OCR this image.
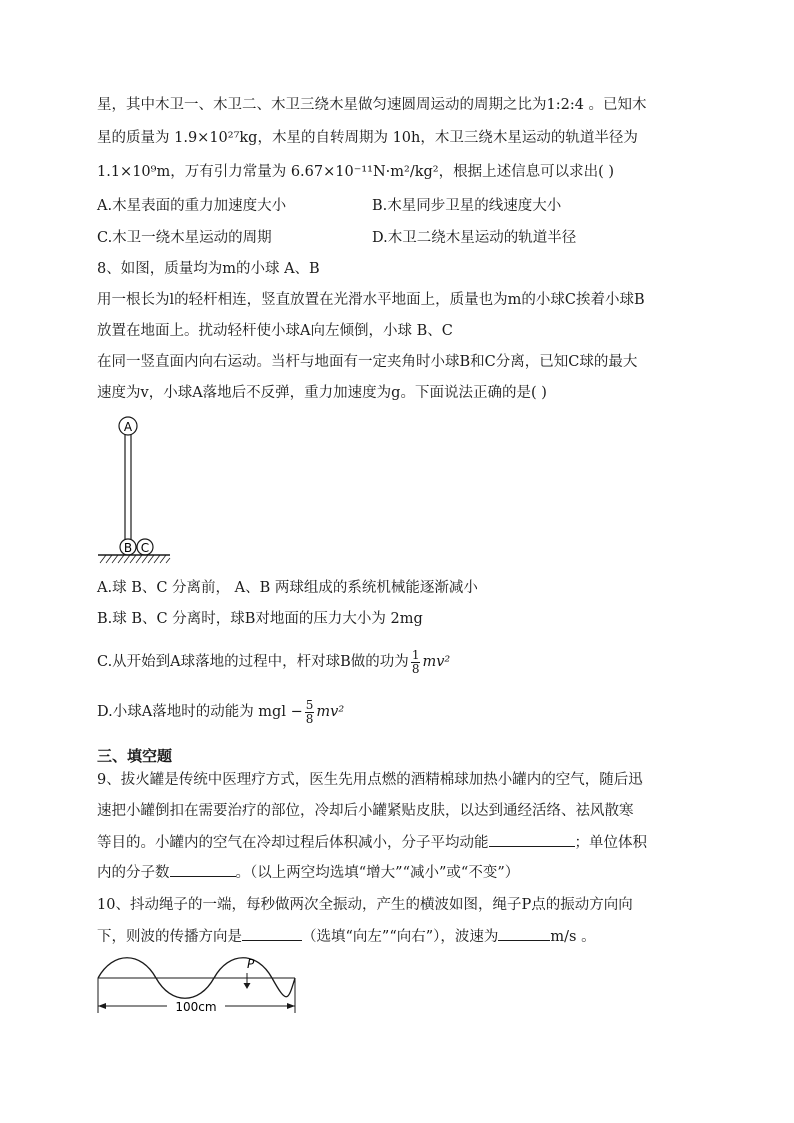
星，其中木卫一、木卫二、木卫三绕木星做匀速圆周运动的周期之比为1:2:4 。已知木
星的质量为 1.9×10²⁷kg，木星的自转周期为 10h，木卫三绕木星运动的轨道半径为
1.1×10⁹m，万有引力常量为 6.67×10⁻¹¹N·m²/kg²，根据上述信息可以求出( )
A.木星表面的重力加速度大小	B.木星同步卫星的线速度大小
C.木卫一绕木星运动的周期	D.木卫二绕木星运动的轨道半径
8、如图，质量均为m的小球 A、B
用一根长为l的轻杆相连，竖直放置在光滑水平地面上，质量也为m的小球C挨着小球B
放置在地面上。扰动轻杆使小球A向左倾倒，小球 B、C
在同一竖直面内向右运动。当杆与地面有一定夹角时小球B和C分离，已知C球的最大
速度为v，小球A落地后不反弹，重力加速度为g。下面说法正确的是( )
A
B C
A.球 B、C 分离前， A、B 两球组成的系统机械能逐渐减小
B.球 B、C 分离时，球B对地面的压力大小为 2mg
C.从开始到A球落地的过程中，杆对球B做的功为 $\frac{1}{8} mv^2$
D.小球A落地时的动能为 mgl − $\frac{5}{8} mv^2$
三、填空题
9、拔火罐是传统中医理疗方式，医生先用点燃的酒精棉球加热小罐内的空气，随后迅
速把小罐倒扣在需要治疗的部位，冷却后小罐紧贴皮肤，以达到通经活络、祛风散寒
等目的。小罐内的空气在冷却过程后体积减小，分子平均动能	；单位体积
内的分子数	。（以上两空均选填“增大”“减小”或“不变”）
10、抖动绳子的一端，每秒做两次全振动，产生的横波如图，绳子P点的振动方向向
下，则波的传播方向是	（选填“向左”“向右”），波速为	m/s 。
P
100cm
